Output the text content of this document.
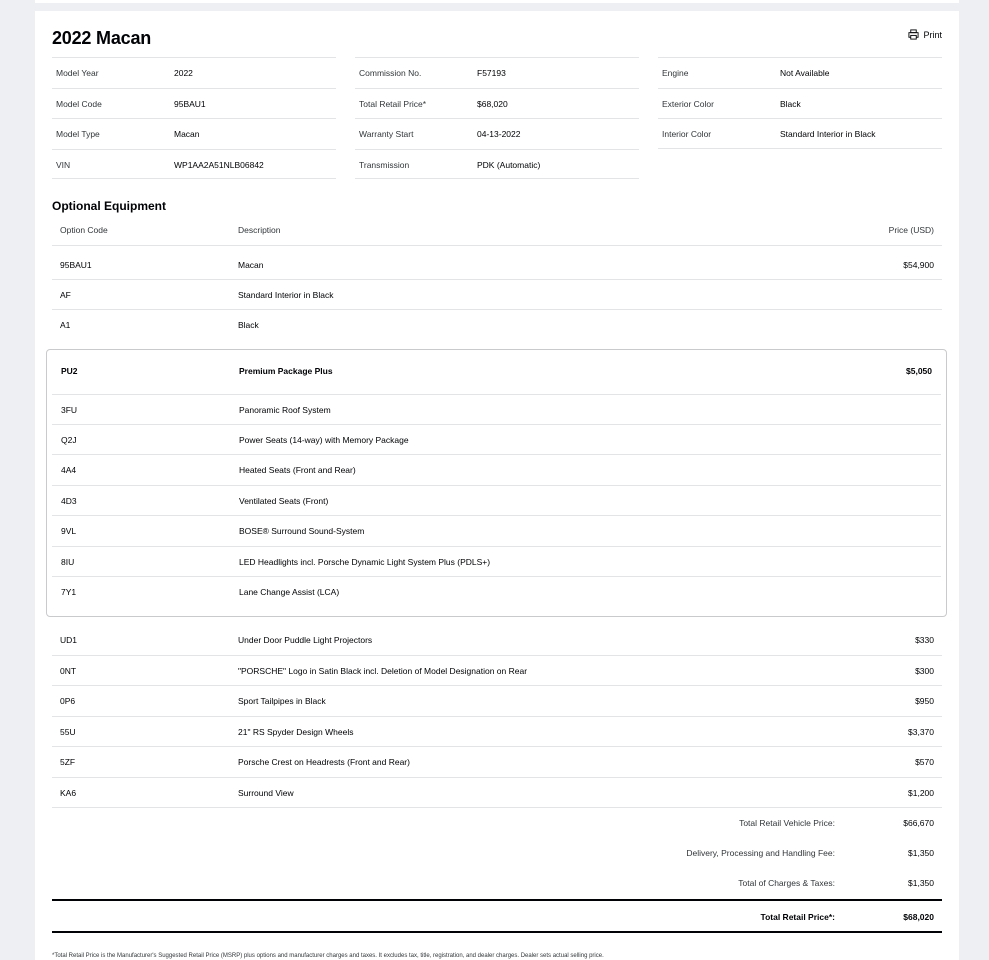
2022 Macan	Print
Model Year	2022
Model Code	95BAU1
Model Type	Macan
VIN	WP1AA2A51NLB06842
Commission No.	F57193
Total Retail Price*	$68,020
Warranty Start	04-13-2022
Transmission	PDK (Automatic)
Engine	Not Available
Exterior Color	Black
Interior Color	Standard Interior in Black
Optional Equipment
Option Code	Description	Price (USD)
95BAU1	Macan	$54,900
AF	Standard Interior in Black
A1	Black
PU2	Premium Package Plus	$5,050
3FU	Panoramic Roof System
Q2J	Power Seats (14-way) with Memory Package
4A4	Heated Seats (Front and Rear)
4D3	Ventilated Seats (Front)
9VL	BOSE® Surround Sound-System
8IU	LED Headlights incl. Porsche Dynamic Light System Plus (PDLS+)
7Y1	Lane Change Assist (LCA)
UD1	Under Door Puddle Light Projectors	$330
0NT	"PORSCHE" Logo in Satin Black incl. Deletion of Model Designation on Rear	$300
0P6	Sport Tailpipes in Black	$950
55U	21" RS Spyder Design Wheels	$3,370
5ZF	Porsche Crest on Headrests (Front and Rear)	$570
KA6	Surround View	$1,200
Total Retail Vehicle Price:	$66,670
Delivery, Processing and Handling Fee:	$1,350
Total of Charges & Taxes:	$1,350
Total Retail Price*:	$68,020
*Total Retail Price is the Manufacturer's Suggested Retail Price (MSRP) plus options and manufacturer charges and taxes. It excludes tax, title, registration, and dealer charges. Dealer sets actual selling price.
